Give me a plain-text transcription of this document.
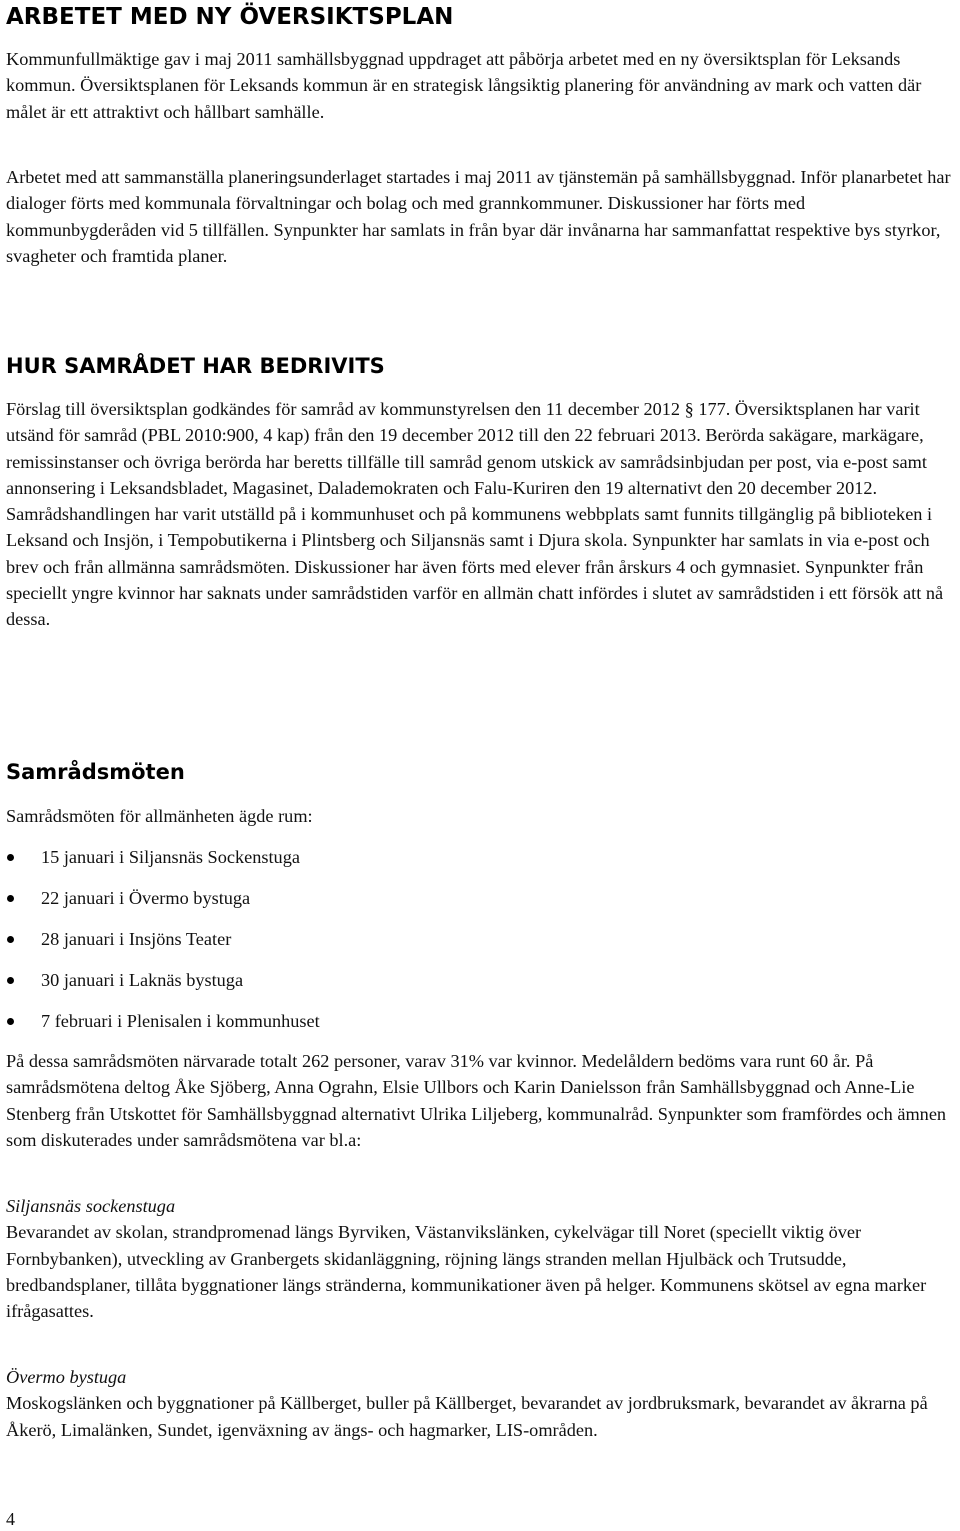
ARBETET MED NY ÖVERSIKTSPLAN

Kommunfullmäktige gav i maj 2011 samhällsbyggnad uppdraget att påbörja arbetet med en ny översiktsplan för Leksands kommun. Översiktsplanen för Leksands kommun är en strategisk långsiktig planering för användning av mark och vatten där målet är ett attraktivt och hållbart samhälle.

Arbetet med att sammanställa planeringsunderlaget startades i maj 2011 av tjänstemän på samhällsbyggnad. Inför planarbetet har dialoger förts med kommunala förvaltningar och bolag och med grannkommuner. Diskussioner har förts med kommunbygderåden vid 5 tillfällen. Synpunkter har samlats in från byar där invånarna har sammanfattat respektive bys styrkor, svagheter och framtida planer.

HUR SAMRÅDET HAR BEDRIVITS

Förslag till översiktsplan godkändes för samråd av kommunstyrelsen den 11 december 2012 § 177. Översiktsplanen har varit utsänd för samråd (PBL 2010:900, 4 kap) från den 19 december 2012 till den 22 februari 2013. Berörda sakägare, markägare, remissinstanser och övriga berörda har beretts tillfälle till samråd genom utskick av samrådsinbjudan per post, via e-post samt annonsering i Leksandsbladet, Magasinet, Dalademokraten och Falu-Kuriren den 19 alternativt den 20 december 2012. Samrådshandlingen har varit utställd på i kommunhuset och på kommunens webbplats samt funnits tillgänglig på biblioteken i Leksand och Insjön, i Tempobutikerna i Plintsberg och Siljansnäs samt i Djura skola. Synpunkter har samlats in via e-post och brev och från allmänna samrådsmöten. Diskussioner har även förts med elever från årskurs 4 och gymnasiet. Synpunkter från speciellt yngre kvinnor har saknats under samrådstiden varför en allmän chatt infördes i slutet av samrådstiden i ett försök att nå dessa.

Samrådsmöten

Samrådsmöten för allmänheten ägde rum:

15 januari i Siljansnäs Sockenstuga
22 januari i Övermo bystuga
28 januari i Insjöns Teater
30 januari i Laknäs bystuga
7 februari i Plenisalen i kommunhuset

På dessa samrådsmöten närvarade totalt 262 personer, varav 31% var kvinnor. Medelåldern bedöms vara runt 60 år. På samrådsmötena deltog Åke Sjöberg, Anna Ograhn, Elsie Ullbors och Karin Danielsson från Samhällsbyggnad och Anne-Lie Stenberg från Utskottet för Samhällsbyggnad alternativt Ulrika Liljeberg, kommunalråd. Synpunkter som framfördes och ämnen som diskuterades under samrådsmötena var bl.a:

Siljansnäs sockenstuga

Bevarandet av skolan, strandpromenad längs Byrviken, Västanvikslänken, cykelvägar till Noret (speciellt viktig över Fornbybanken), utveckling av Granbergets skidanläggning, röjning längs stranden mellan Hjulbäck och Trutsudde, bredbandsplaner, tillåta byggnationer längs stränderna, kommunikationer även på helger. Kommunens skötsel av egna marker ifrågasattes.

Övermo bystuga

Moskogslänken och byggnationer på Källberget, buller på Källberget, bevarandet av jordbruksmark, bevarandet av åkrarna på Åkerö, Limalänken, Sundet, igenväxning av ängs- och hagmarker, LIS-områden.

4
